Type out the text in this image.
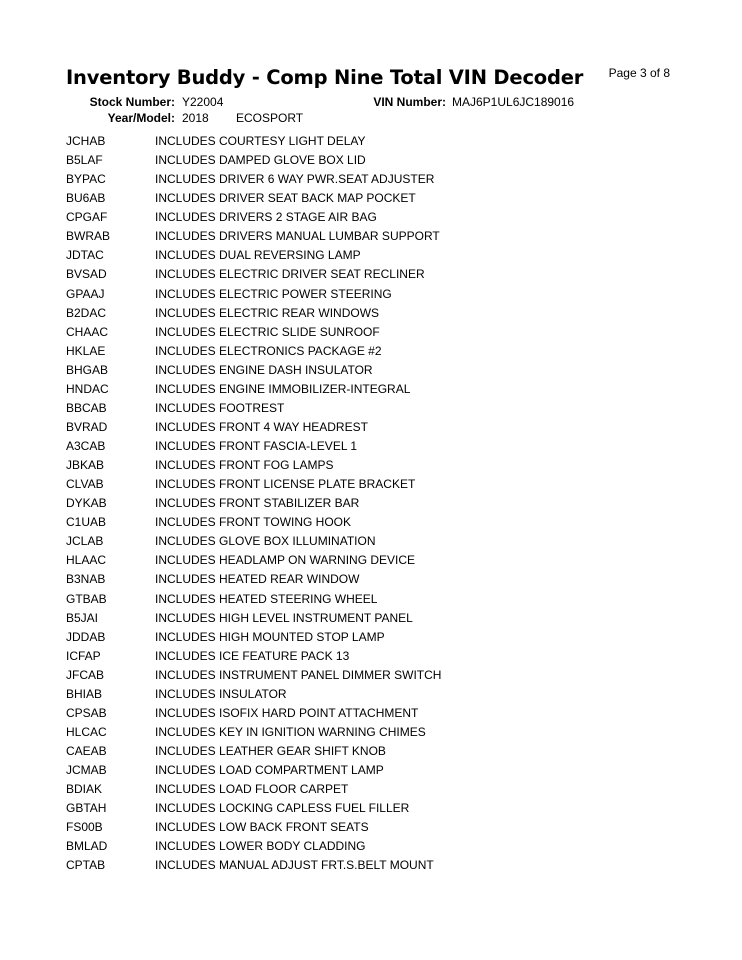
Inventory Buddy - Comp Nine Total VIN Decoder Page 3 of 8
Stock Number: Y22004	VIN Number: MAJ6P1UL6JC189016
Year/Model: 2018 ECOSPORT
JCHAB	INCLUDES COURTESY LIGHT DELAY
B5LAF	INCLUDES DAMPED GLOVE BOX LID
BYPAC	INCLUDES DRIVER 6 WAY PWR.SEAT ADJUSTER
BU6AB	INCLUDES DRIVER SEAT BACK MAP POCKET
CPGAF	INCLUDES DRIVERS 2 STAGE AIR BAG
BWRAB	INCLUDES DRIVERS MANUAL LUMBAR SUPPORT
JDTAC	INCLUDES DUAL REVERSING LAMP
BVSAD	INCLUDES ELECTRIC DRIVER SEAT RECLINER
GPAAJ	INCLUDES ELECTRIC POWER STEERING
B2DAC	INCLUDES ELECTRIC REAR WINDOWS
CHAAC	INCLUDES ELECTRIC SLIDE SUNROOF
HKLAE	INCLUDES ELECTRONICS PACKAGE #2
BHGAB	INCLUDES ENGINE DASH INSULATOR
HNDAC	INCLUDES ENGINE IMMOBILIZER-INTEGRAL
BBCAB	INCLUDES FOOTREST
BVRAD	INCLUDES FRONT 4 WAY HEADREST
A3CAB	INCLUDES FRONT FASCIA-LEVEL 1
JBKAB	INCLUDES FRONT FOG LAMPS
CLVAB	INCLUDES FRONT LICENSE PLATE BRACKET
DYKAB	INCLUDES FRONT STABILIZER BAR
C1UAB	INCLUDES FRONT TOWING HOOK
JCLAB	INCLUDES GLOVE BOX ILLUMINATION
HLAAC	INCLUDES HEADLAMP ON WARNING DEVICE
B3NAB	INCLUDES HEATED REAR WINDOW
GTBAB	INCLUDES HEATED STEERING WHEEL
B5JAI	INCLUDES HIGH LEVEL INSTRUMENT PANEL
JDDAB	INCLUDES HIGH MOUNTED STOP LAMP
ICFAP	INCLUDES ICE FEATURE PACK 13
JFCAB	INCLUDES INSTRUMENT PANEL DIMMER SWITCH
BHIAB	INCLUDES INSULATOR
CPSAB	INCLUDES ISOFIX HARD POINT ATTACHMENT
HLCAC	INCLUDES KEY IN IGNITION WARNING CHIMES
CAEAB	INCLUDES LEATHER GEAR SHIFT KNOB
JCMAB	INCLUDES LOAD COMPARTMENT LAMP
BDIAK	INCLUDES LOAD FLOOR CARPET
GBTAH	INCLUDES LOCKING CAPLESS FUEL FILLER
FS00B	INCLUDES LOW BACK FRONT SEATS
BMLAD	INCLUDES LOWER BODY CLADDING
CPTAB	INCLUDES MANUAL ADJUST FRT.S.BELT MOUNT
